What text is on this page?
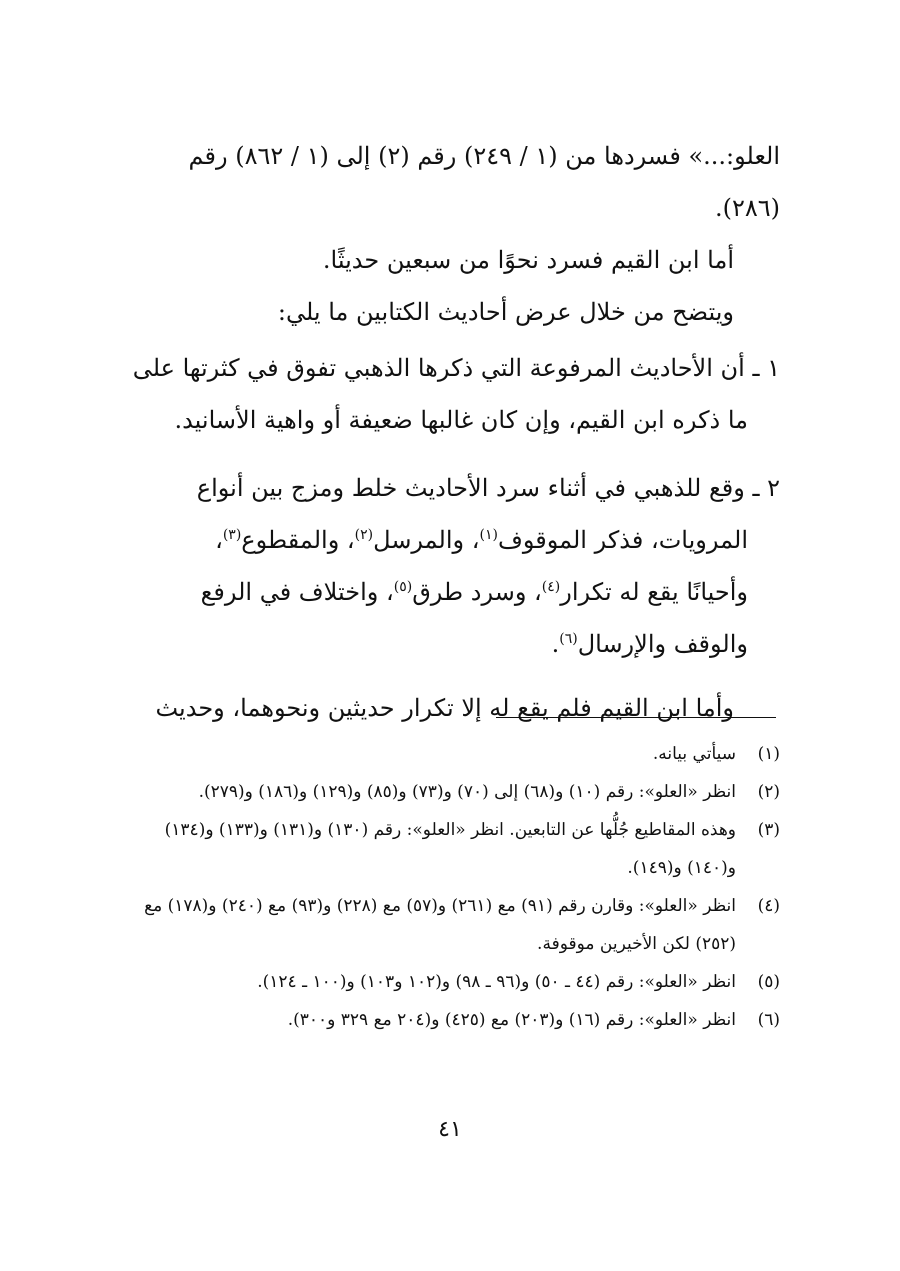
العلو:...» فسردها من (١ / ٢٤٩) رقم (٢) إلى (١ / ٨٦٢) رقم (٢٨٦).

أما ابن القيم فسرد نحوًا من سبعين حديثًا.

ويتضح من خلال عرض أحاديث الكتابين ما يلي:

١ ـ أن الأحاديث المرفوعة التي ذكرها الذهبي تفوق في كثرتها على
ما ذكره ابن القيم، وإن كان غالبها ضعيفة أو واهية الأسانيد.
٢ ـ وقع للذهبي في أثناء سرد الأحاديث خلط ومزج بين أنواع
المرويات، فذكر الموقوف$^{(١)}$، والمرسل$^{(٢)}$، والمقطوع$^{(٣)}$،
وأحيانًا يقع له تكرار$^{(٤)}$، وسرد طرق$^{(٥)}$، واختلاف في الرفع
والوقف والإرسال$^{(٦)}$.

وأما ابن القيم فلم يقع له إلا تكرار حديثين ونحوهما، وحديث

(١)
سيأتي بيانه.
(٢)
انظر «العلو»: رقم (١٠) و(٦٨) إلى (٧٠) و(٧٣) و(٨٥) و(١٢٩) و(١٨٦) و(٢٧٩).
(٣)
وهذه المقاطيع جُلُّها عن التابعين. انظر «العلو»: رقم (١٣٠) و(١٣١) و(١٣٣) و(١٣٤) و(١٤٠) و(١٤٩).
(٤)
انظر «العلو»: وقارن رقم (٩١) مع (٢٦١) و(٥٧) مع (٢٢٨) و(٩٣) مع (٢٤٠) و(١٧٨) مع (٢٥٢) لكن الأخيرين موقوفة.
(٥)
انظر «العلو»: رقم (٤٤ ـ ٥٠) و(٩٦ ـ ٩٨) و(١٠٢ و١٠٣) و(١٠٠ ـ ١٢٤).
(٦)
انظر «العلو»: رقم (١٦) و(٢٠٣) مع (٤٢٥) و(٢٠٤ مع ٣٢٩ و٣٠٠).
٤١
